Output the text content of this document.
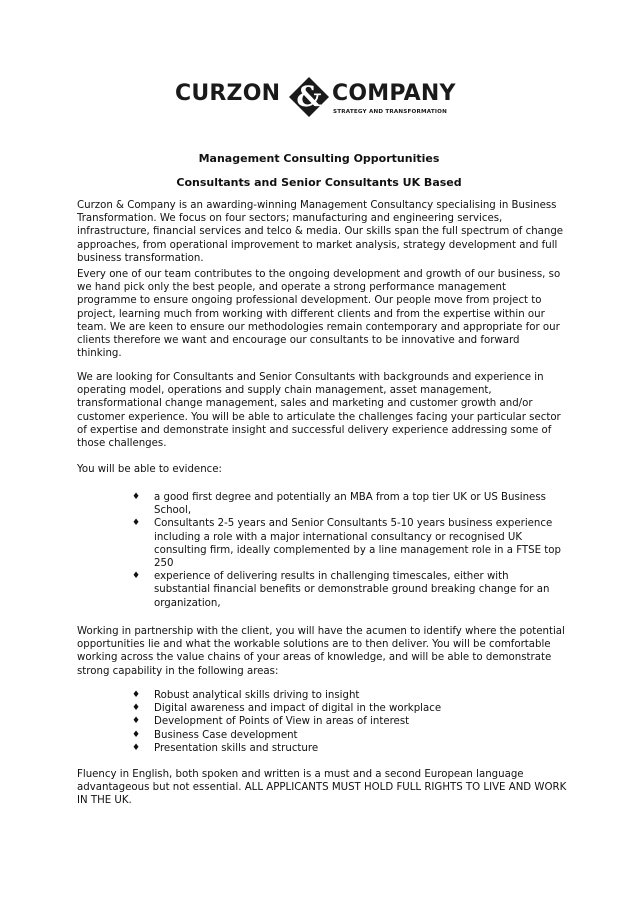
CURZON & COMPANY
STRATEGY AND TRANSFORMATION
Management Consulting Opportunities
Consultants and Senior Consultants UK Based

Curzon & Company is an awarding-winning Management Consultancy specialising in Business Transformation. We focus on four sectors; manufacturing and engineering services, infrastructure, financial services and telco & media. Our skills span the full spectrum of change approaches, from operational improvement to market analysis, strategy development and full business transformation.

Every one of our team contributes to the ongoing development and growth of our business, so we hand pick only the best people, and operate a strong performance management programme to ensure ongoing professional development. Our people move from project to project, learning much from working with different clients and from the expertise within our team. We are keen to ensure our methodologies remain contemporary and appropriate for our clients therefore we want and encourage our consultants to be innovative and forward thinking.

We are looking for Consultants and Senior Consultants with backgrounds and experience in operating model, operations and supply chain management, asset management, transformational change management, sales and marketing and customer growth and/or customer experience. You will be able to articulate the challenges facing your particular sector of expertise and demonstrate insight and successful delivery experience addressing some of those challenges.

You will be able to evidence:

♦ a good first degree and potentially an MBA from a top tier UK or US Business School,
♦ Consultants 2-5 years and Senior Consultants 5-10 years business experience including a role with a major international consultancy or recognised UK consulting firm, ideally complemented by a line management role in a FTSE top 250
♦ experience of delivering results in challenging timescales, either with substantial financial benefits or demonstrable ground breaking change for an organization,

Working in partnership with the client, you will have the acumen to identify where the potential opportunities lie and what the workable solutions are to then deliver. You will be comfortable working across the value chains of your areas of knowledge, and will be able to demonstrate strong capability in the following areas:

♦ Robust analytical skills driving to insight
♦ Digital awareness and impact of digital in the workplace
♦ Development of Points of View in areas of interest
♦ Business Case development
♦ Presentation skills and structure

Fluency in English, both spoken and written is a must and a second European language advantageous but not essential. ALL APPLICANTS MUST HOLD FULL RIGHTS TO LIVE AND WORK IN THE UK.
